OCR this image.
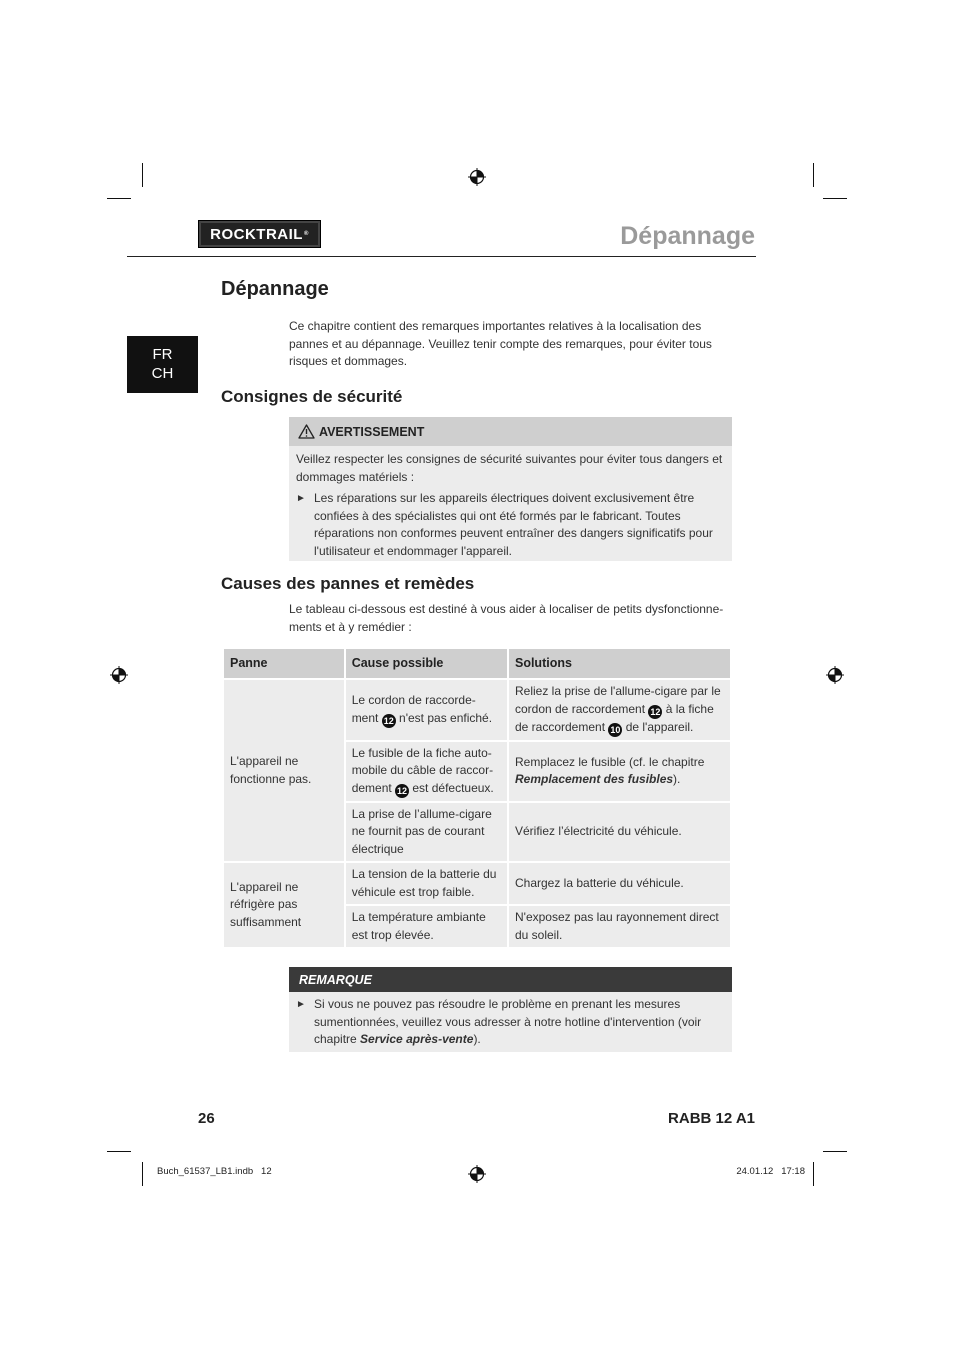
ROCKTRAIL ®	Dépannage
FR
CH
Dépannage
Ce chapitre contient des remarques importantes relatives à la localisation des pannes et au dépannage. Veuillez tenir compte des remarques, pour éviter tous risques et dommages.
Consignes de sécurité
AVERTISSEMENT
Veillez respecter les consignes de sécurité suivantes pour éviter tous dangers et dommages matériels :
► Les réparations sur les appareils électriques doivent exclusivement être confiées à des spécialistes qui ont été formés par le fabricant. Toutes réparations non conformes peuvent entraîner des dangers significatifs pour l'utilisateur et endommager l'appareil.
Causes des pannes et remèdes
Le tableau ci-dessous est destiné à vous aider à localiser de petits dysfonctionne-ments et à y remédier :
Panne	Cause possible	Solutions
L'appareil ne fonctionne pas.	Le cordon de raccorde-ment 12 n'est pas enfiché.	Reliez la prise de l'allume-cigare par le cordon de raccordement 12 à la fiche de raccordement 10 de l'appareil.
	Le fusible de la fiche auto-mobile du câble de raccor-dement 12 est défectueux.	Remplacez le fusible (cf. le chapitre Remplacement des fusibles).
	La prise de l’allume-cigare ne fournit pas de courant électrique	Vérifiez l’électricité du véhicule.
L'appareil ne réfrigère pas suffisamment	La tension de la batterie du véhicule est trop faible.	Chargez la batterie du véhicule.
	La température ambiante est trop élevée.	N'exposez pas lau rayonnement direct du soleil.
REMARQUE
► Si vous ne pouvez pas résoudre le problème en prenant les mesures sumentionnées, veuillez vous adresser à notre hotline d'intervention (voir chapitre Service après-vente).
26	RABB 12 A1
Buch_61537_LB1.indb   12	24.01.12   17:18
